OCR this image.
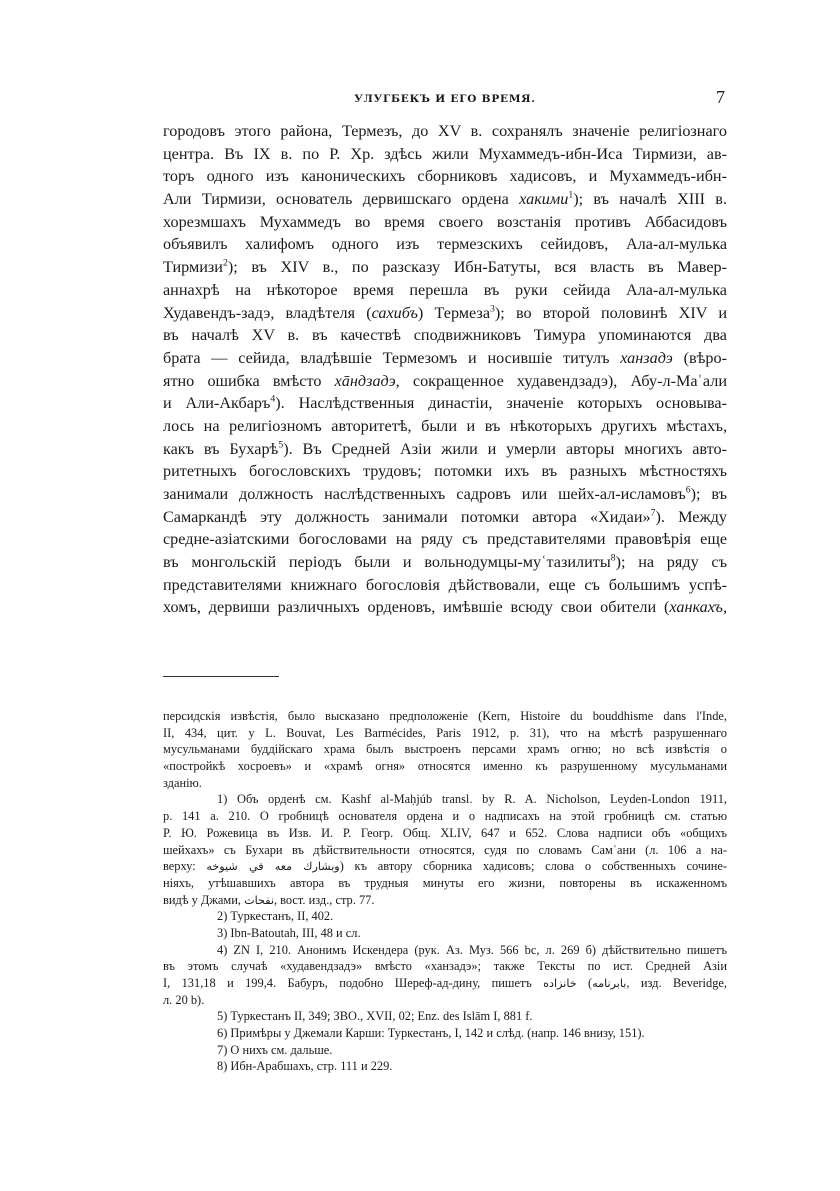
УЛУГБЕКЪ И ЕГО ВРЕМЯ.	7
городовъ этого района, Термезъ, до XV в. сохранялъ значеніе религіознаго
центра. Въ IX в. по Р. Хр. здѣсь жили Мухаммедъ-ибн-Иса Тирмизи, ав-
торъ одного изъ каноническихъ сборниковъ хадисовъ, и Мухаммедъ-ибн-
Али Тирмизи, основатель дервишскаго ордена хакими$^1$); въ началѣ XIII в.
хорезмшахъ Мухаммедъ во время своего возстанія противъ Аббасидовъ
объявилъ халифомъ одного изъ термезскихъ сейидовъ, Ала-ал-мулька
Тирмизи$^2$); въ XIV в., по разсказу Ибн-Батуты, вся власть въ Мавер-
аннахрѣ на нѣкоторое время перешла въ руки сейида Ала-ал-мулька
Худавендъ-задэ, владѣтеля (сахибъ) Термеза$^3$); во второй половинѣ XIV и
въ началѣ XV в. въ качествѣ сподвижниковъ Тимура упоминаются два
брата — сейида, владѣвшіе Термезомъ и носившіе титулъ ханзадэ (вѣро-
ятно ошибка вмѣсто хāндзадэ, сокращенное худавендзадэ), Абу-л-Маʿали
и Али-Акбаръ$^4$). Наслѣдственныя династіи, значеніе которыхъ основыва-
лось на религіозномъ авторитетѣ, были и въ нѣкоторыхъ другихъ мѣстахъ,
какъ въ Бухарѣ$^5$). Въ Средней Азіи жили и умерли авторы многихъ авто-
ритетныхъ богословскихъ трудовъ; потомки ихъ въ разныхъ мѣстностяхъ
занимали должность наслѣдственныхъ садровъ или шейх-ал-исламовъ$^6$); въ
Самаркандѣ эту должность занимали потомки автора «Хидаи»$^7$). Между
средне-азіатскими богословами на ряду съ представителями правовѣрія еще
въ монгольскій періодъ были и вольнодумцы-муʿтазилиты$^8$); на ряду съ
представителями книжнаго богословія дѣйствовали, еще съ большимъ успѣ-
хомъ, дервиши различныхъ орденовъ, имѣвшіе всюду свои обители (ханкахъ,
персидскія извѣстія, было высказано предположеніе (Kern, Histoire du bouddhisme dans l'Inde,
II, 434, цит. у L. Bouvat, Les Barmécides, Paris 1912, p. 31), что на мѣстѣ разрушеннаго
мусульманами буддійскаго храма былъ выстроенъ персами храмъ огню; но всѣ извѣстія о
«постройкѣ хосроевъ» и «храмѣ огня» относятся именно къ разрушенному мусульманами
зданію.
1) Объ орденѣ см. Kashf al-Maḥjúb transl. by R. A. Nicholson, Leyden-London 1911,
p. 141 a. 210. О гробницѣ основателя ордена и о надписахъ на этой гробницѣ см. статью
Р. Ю. Рожевица въ Изв. И. Р. Геогр. Общ. XLIV, 647 и 652. Слова надписи объ «общихъ
шейхахъ» съ Бухари въ дѣйствительности относятся, судя по словамъ Самʿани (л. 106 a на-
верху: وبشارك معه في شيوخه) къ автору сборника хадисовъ; слова о собственныхъ сочине-
ніяхъ, утѣшавшихъ автора въ трудныя минуты его жизни, повторены въ искаженномъ
видѣ у Джами, نفحات, вост. изд., стр. 77.
2) Туркестанъ, II, 402.
3) Ibn-Batoutah, III, 48 и сл.
4) ZN I, 210. Анонимъ Искендера (рук. Аз. Муз. 566 bc, л. 269 б) дѣйствительно пишетъ
въ этомъ случаѣ «худавендзадэ» вмѣсто «ханзадэ»; также Тексты по ист. Средней Азіи
I, 131,18 и 199,4. Бабуръ, подобно Шереф-ад-дину, пишетъ خانزاده (بابرنامه, изд. Beveridge,
л. 20 b).
5) Туркестанъ II, 349; ЗВО., XVII, 02; Enz. des Islām I, 881 f.
6) Примѣры у Джемали Карши: Туркестанъ, I, 142 и слѣд. (напр. 146 внизу, 151).
7) О нихъ см. дальше.
8) Ибн-Арабшахъ, стр. 111 и 229.
